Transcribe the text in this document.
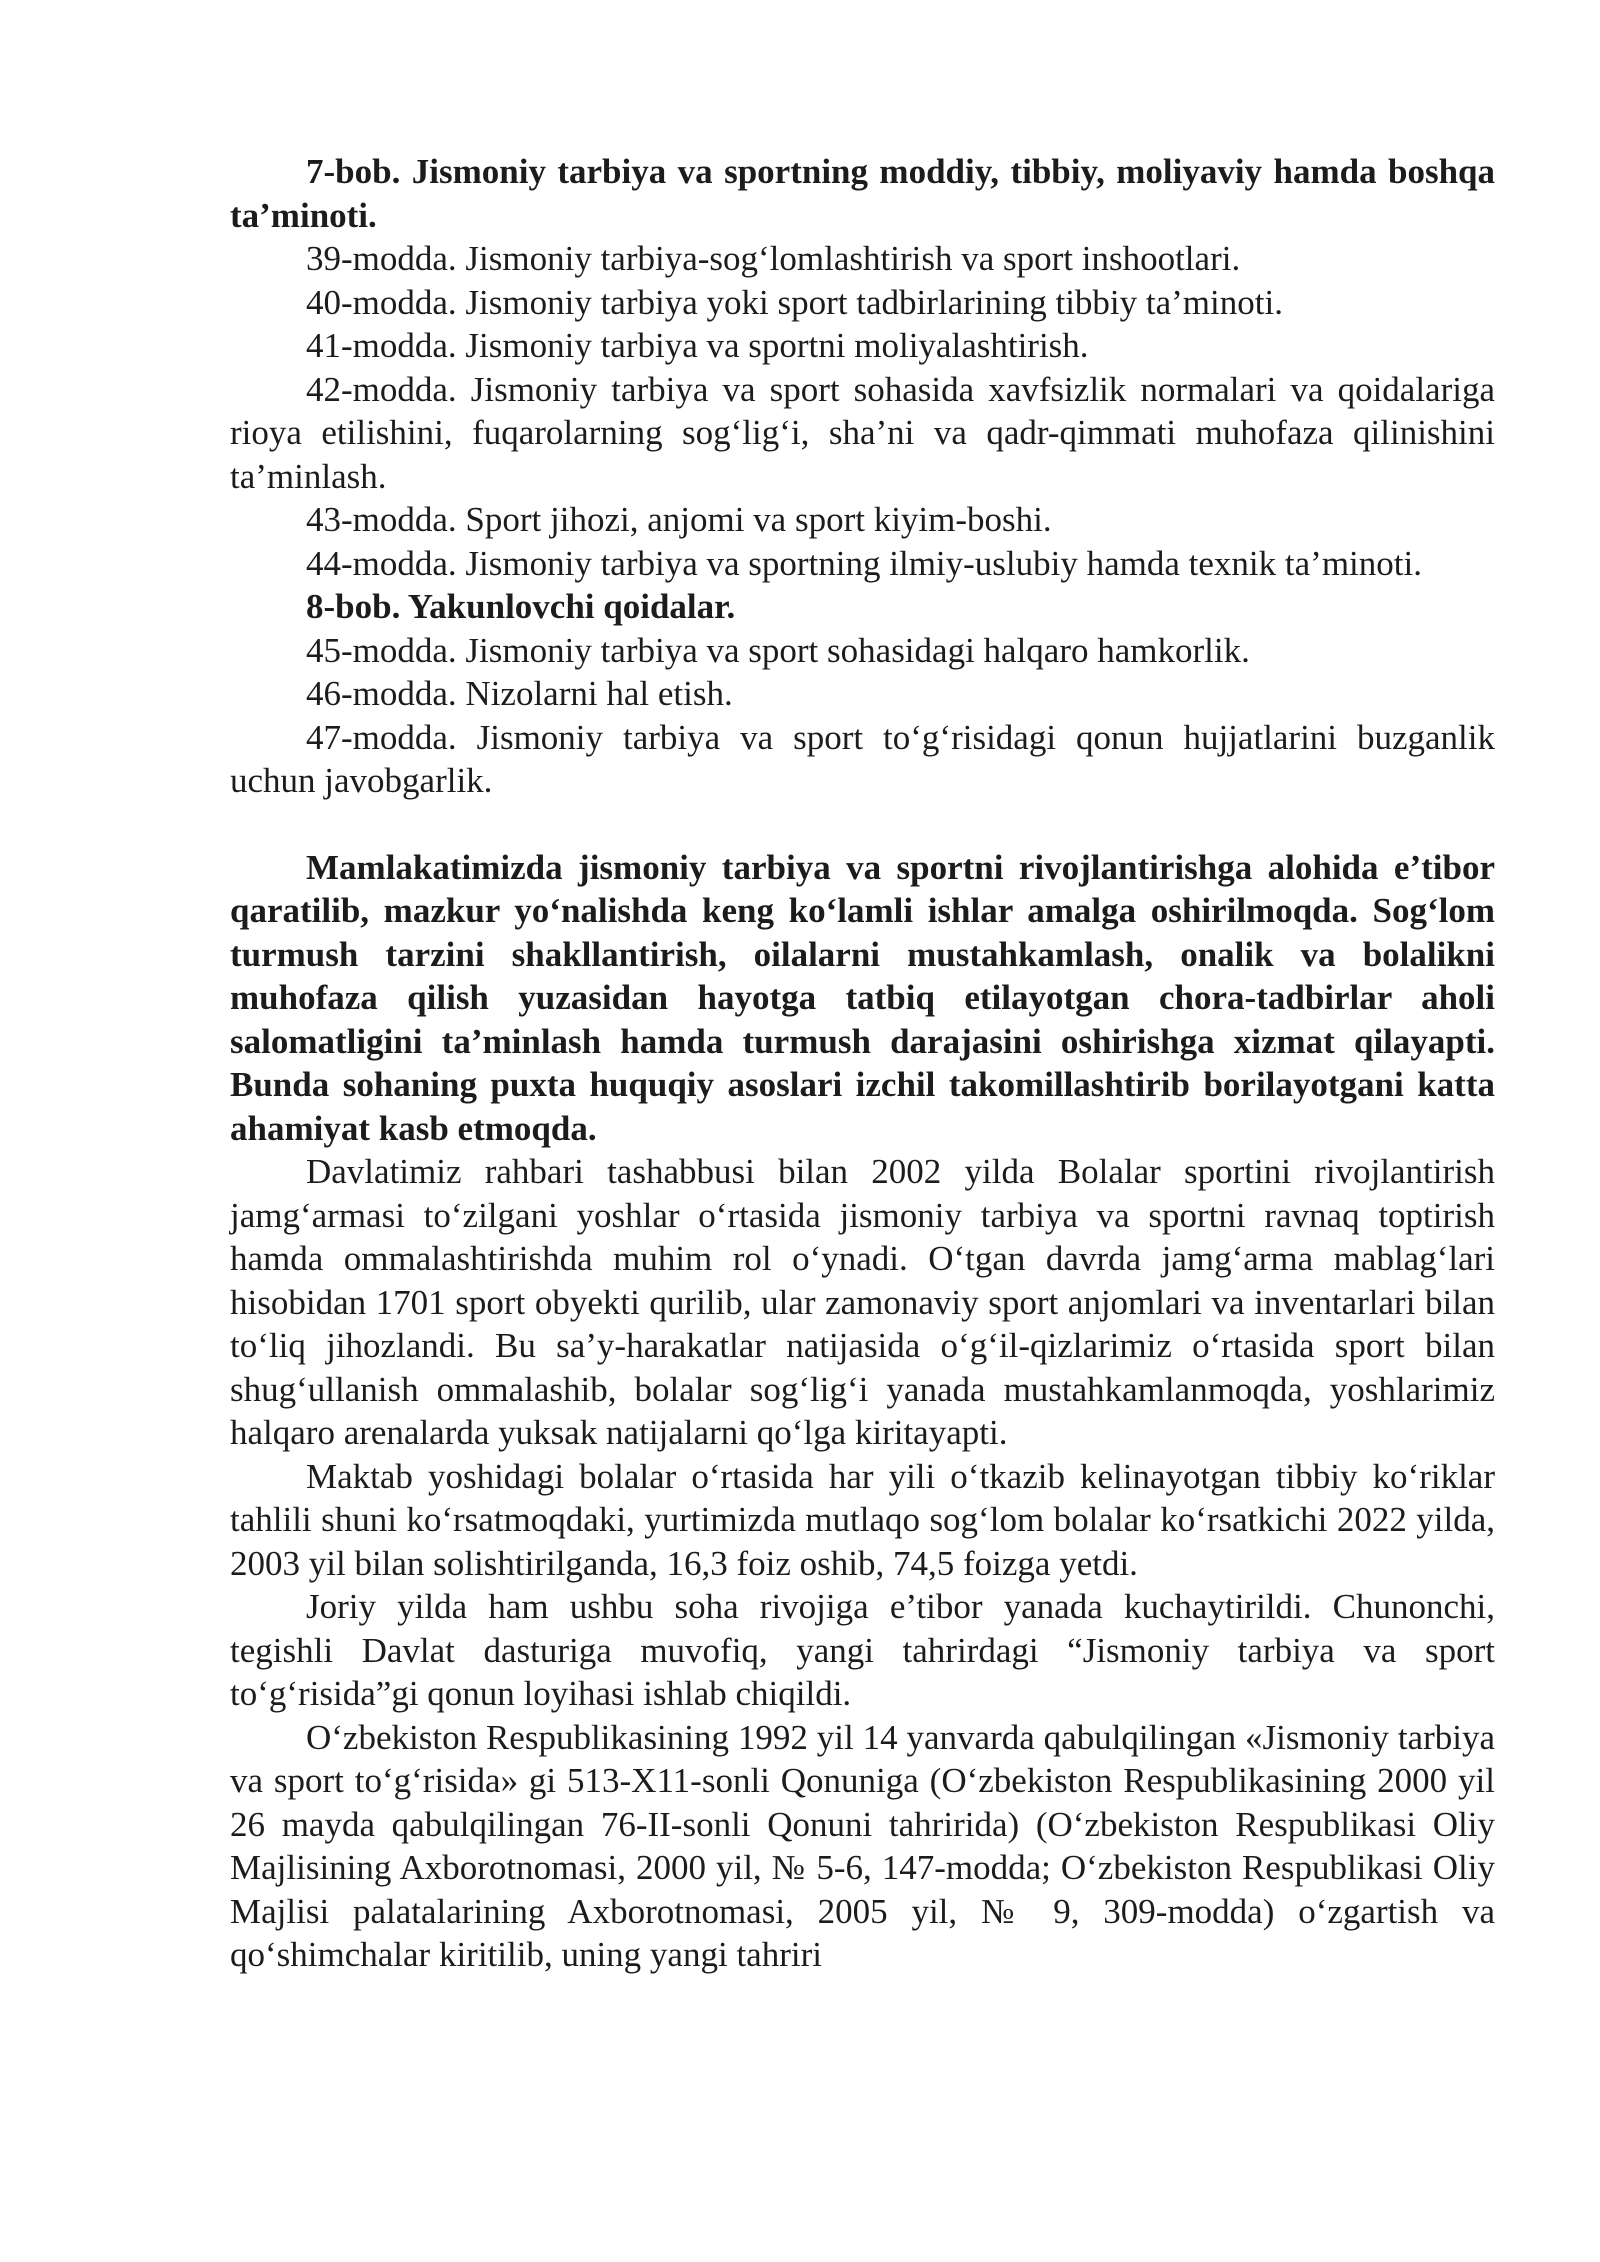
7-bob. Jismoniy tarbiya va sportning moddiy, tibbiy, moliyaviy hamda boshqa ta’minoti.

39-modda. Jismoniy tarbiya-sog‘lomlashtirish va sport inshootlari.

40-modda. Jismoniy tarbiya yoki sport tadbirlarining tibbiy ta’minoti.

41-modda. Jismoniy tarbiya va sportni moliyalashtirish.

42-modda. Jismoniy tarbiya va sport sohasida xavfsizlik normalari va qoidalariga rioya etilishini, fuqarolarning sog‘lig‘i, sha’ni va qadr-qimmati muhofaza qilinishini ta’minlash.

43-modda. Sport jihozi, anjomi va sport kiyim-boshi.

44-modda. Jismoniy tarbiya va sportning ilmiy-uslubiy hamda texnik ta’minoti.

8-bob. Yakunlovchi qoidalar.

45-modda. Jismoniy tarbiya va sport sohasidagi halqaro hamkorlik.

46-modda. Nizolarni hal etish.

47-modda. Jismoniy tarbiya va sport to‘g‘risidagi qonun hujjatlarini buzganlik uchun javobgarlik.

Mamlakatimizda jismoniy tarbiya va sportni rivojlantirishga alohida e’tibor qaratilib, mazkur yo‘nalishda keng ko‘lamli ishlar amalga oshirilmoqda. Sog‘lom turmush tarzini shakllantirish, oilalarni mustahkamlash, onalik va bolalikni muhofaza qilish yuzasidan hayotga tatbiq etilayotgan chora-tadbirlar aholi salomatligini ta’minlash hamda turmush darajasini oshirishga xizmat qilayapti. Bunda sohaning puxta huquqiy asoslari izchil takomillashtirib borilayotgani katta ahamiyat kasb etmoqda.

Davlatimiz rahbari tashabbusi bilan 2002 yilda Bolalar sportini rivojlantirish jamg‘armasi to‘zilgani yoshlar o‘rtasida jismoniy tarbiya va sportni ravnaq toptirish hamda ommalashtirishda muhim rol o‘ynadi. O‘tgan davrda jamg‘arma mablag‘lari hisobidan 1701 sport obyekti qurilib, ular zamonaviy sport anjomlari va inventarlari bilan to‘liq jihozlandi. Bu sa’y-harakatlar natijasida o‘g‘il-qizlarimiz o‘rtasida sport bilan shug‘ullanish ommalashib, bolalar sog‘lig‘i yanada mustahkamlanmoqda, yoshlarimiz halqaro arenalarda yuksak natijalarni qo‘lga kiritayapti.

Maktab yoshidagi bolalar o‘rtasida har yili o‘tkazib kelinayotgan tibbiy ko‘riklar tahlili shuni ko‘rsatmoqdaki, yurtimizda mutlaqo sog‘lom bolalar ko‘rsatkichi 2022 yilda, 2003 yil bilan solishtirilganda, 16,3 foiz oshib, 74,5 foizga yetdi.

Joriy yilda ham ushbu soha rivojiga e’tibor yanada kuchaytirildi. Chunonchi, tegishli Davlat dasturiga muvofiq, yangi tahrirdagi “Jismoniy tarbiya va sport to‘g‘risida”gi qonun loyihasi ishlab chiqildi.

O‘zbekiston Respublikasining 1992 yil 14 yanvarda qabulqilingan «Jismoniy tarbiya va sport to‘g‘risida» gi 513-X11-sonli Qonuniga (O‘zbekiston Respublikasining 2000 yil 26 mayda qabulqilingan 76-II-sonli Qonuni tahririda) (O‘zbekiston Respublikasi Oliy Majlisining Axborotnomasi, 2000 yil, № 5-6, 147-modda; O‘zbekiston Respublikasi Oliy Majlisi palatalarining Axborotnomasi, 2005 yil, № 9, 309-modda) o‘zgartish va qo‘shimchalar kiritilib, uning yangi tahriri
